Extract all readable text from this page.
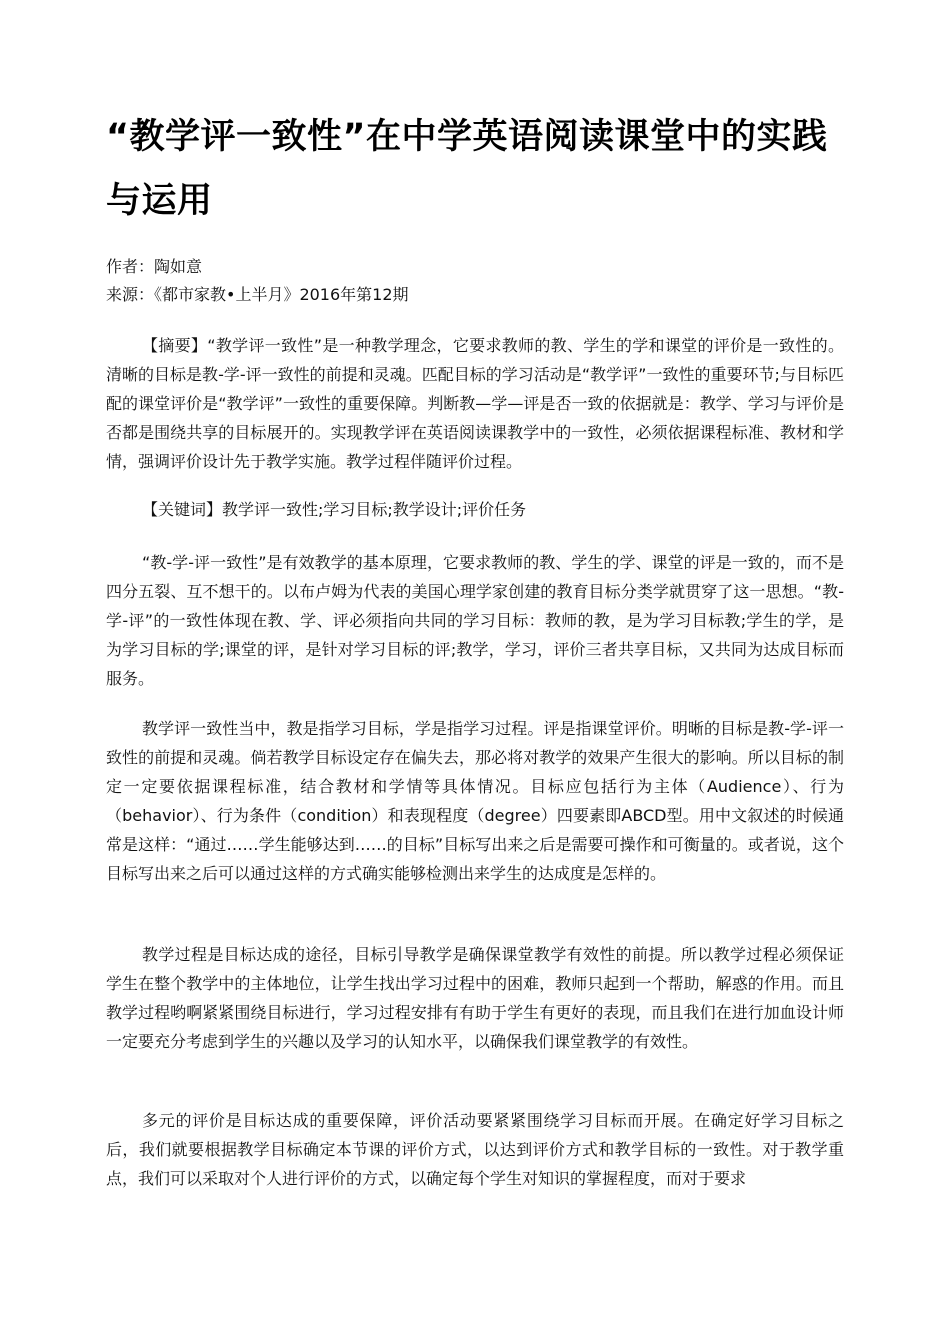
“教学评一致性”在中学英语阅读课堂中的实践与运用

作者：陶如意

来源：《都市家教•上半月》2016年第12期

【摘要】“教学评一致性”是一种教学理念，它要求教师的教、学生的学和课堂的评价是一致性的。清晰的目标是教-学-评一致性的前提和灵魂。匹配目标的学习活动是“教学评”一致性的重要环节;与目标匹配的课堂评价是“教学评”一致性的重要保障。判断教—学—评是否一致的依据就是：教学、学习与评价是否都是围绕共享的目标展开的。实现教学评在英语阅读课教学中的一致性，必须依据课程标准、教材和学情，强调评价设计先于教学实施。教学过程伴随评价过程。

【关键词】教学评一致性;学习目标;教学设计;评价任务

“教-学-评一致性”是有效教学的基本原理，它要求教师的教、学生的学、课堂的评是一致的，而不是四分五裂、互不想干的。以布卢姆为代表的美国心理学家创建的教育目标分类学就贯穿了这一思想。“教-学-评”的一致性体现在教、学、评必须指向共同的学习目标：教师的教，是为学习目标教;学生的学，是为学习目标的学;课堂的评，是针对学习目标的评;教学，学习，评价三者共享目标，又共同为达成目标而服务。

教学评一致性当中，教是指学习目标，学是指学习过程。评是指课堂评价。明晰的目标是教-学-评一致性的前提和灵魂。倘若教学目标设定存在偏失去，那必将对教学的效果产生很大的影响。所以目标的制定一定要依据课程标准，结合教材和学情等具体情况。目标应包括行为主体（Audience）、行为（behavior）、行为条件（condition）和表现程度（degree）四要素即ABCD型。用中文叙述的时候通常是这样：“通过……学生能够达到……的目标”目标写出来之后是需要可操作和可衡量的。或者说，这个目标写出来之后可以通过这样的方式确实能够检测出来学生的达成度是怎样的。

教学过程是目标达成的途径，目标引导教学是确保课堂教学有效性的前提。所以教学过程必须保证学生在整个教学中的主体地位，让学生找出学习过程中的困难，教师只起到一个帮助，解惑的作用。而且教学过程哟啊紧紧围绕目标进行，学习过程安排有有助于学生有更好的表现，而且我们在进行加血设计师一定要充分考虑到学生的兴趣以及学习的认知水平，以确保我们课堂教学的有效性。

多元的评价是目标达成的重要保障，评价活动要紧紧围绕学习目标而开展。在确定好学习目标之后，我们就要根据教学目标确定本节课的评价方式，以达到评价方式和教学目标的一致性。对于教学重点，我们可以采取对个人进行评价的方式，以确定每个学生对知识的掌握程度，而对于要求
